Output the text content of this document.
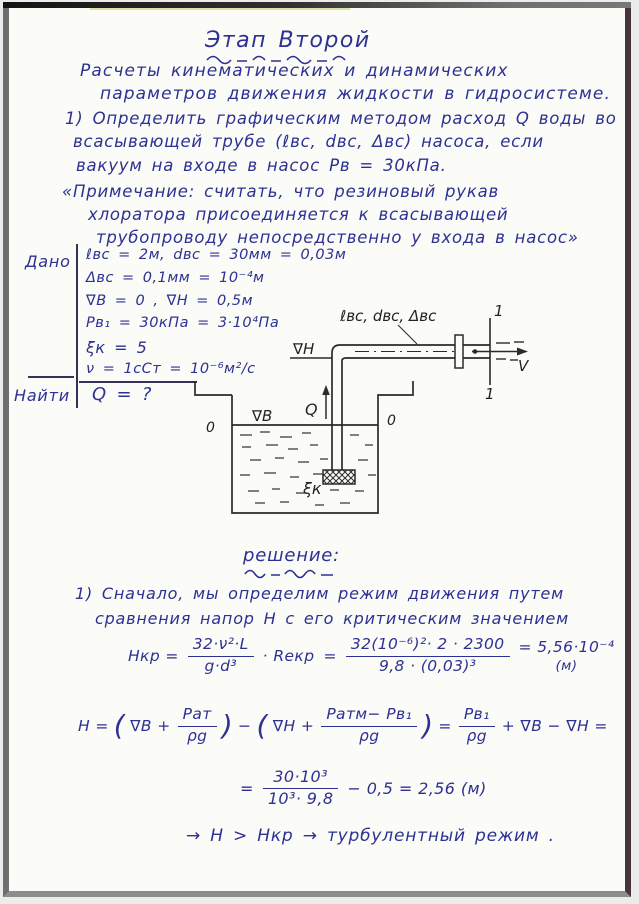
Этап Второй
Расчеты кинематических и динамических
параметров движения жидкости в гидросистеме.
1) Определить графическим методом расход Q воды во
всасывающей трубе (ℓвс, dвс, Δвс) насоса, если
вакуум на входе в насос Pв = 30кПа.
«Примечание: считать, что резиновый рукав
хлоратора присоединяется к всасывающей
трубопроводу непосредственно у входа в насос»
Дано ℓвс = 2м, dвс = 30мм = 0,03м
Δвс = 0,1мм = 10⁻⁴м
∇В = 0 , ∇Н = 0,5м
Pв₁ = 30кПа = 3·10⁴Па
ξк = 5
ν = 1сСт = 10⁻⁶м²/с
Найти Q = ?
ℓвс, dвс, Δвс
∇Н
Q
∇В
0	0
ξк
1
1
V
решение:
1) Сначало, мы определим режим движения путем
сравнения напор Н с его критическим значением
Hкр = $\frac{\text{32·ν²·L}}{\text{g·d³}}$ · Reкр = $\frac{\text{32(10⁻⁶)²· 2 · 2300}}{\text{9,8 · (0,03)³}} = 5,56\cdot 10^{-4}$
(м)
H = ( $\nabla В + \frac{\text{Pат}}{\rho g}$ ) − ( $\nabla Н + \frac{\text{Pатм− Pв₁}}{\rho g}$ ) = $\frac{\text{Pв₁}}{\rho g} + \nabla В - \nabla Н$ =
= $\frac{\text{30·10³}}{\text{10³· 9,8}} - 0,5 = 2,56$ (м)
→ H > Hкр → турбулентный режим .
